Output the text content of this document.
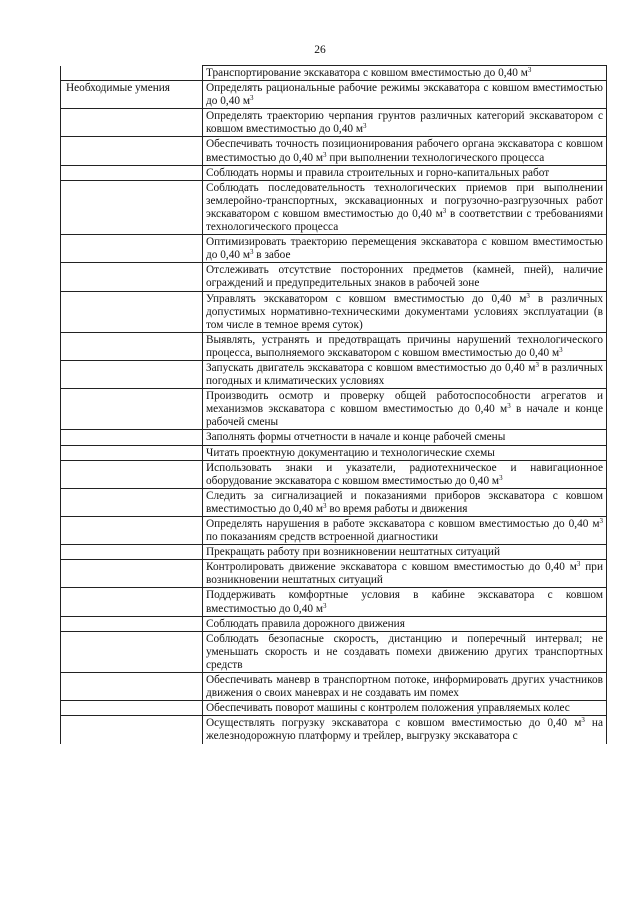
26
	Транспортирование экскаватора с ковшом вместимостью до 0,40 $м^3$
Необходимые умения	Определять рациональные рабочие режимы экскаватора с ковшом вместимостью до 0,40 $м^3$
	Определять траекторию черпания грунтов различных категорий экскаватором с ковшом вместимостью до 0,40 $м^3$
	Обеспечивать точность позиционирования рабочего органа экскаватора с ковшом вместимостью до 0,40 $м^3$ при выполнении технологического процесса
	Соблюдать нормы и правила строительных и горно-капитальных работ
	Соблюдать последовательность технологических приемов при выполнении землеройно-транспортных, экскавационных и погрузочно-разгрузочных работ экскаватором с ковшом вместимостью до 0,40 $м^3$ в соответствии с требованиями технологического процесса
	Оптимизировать траекторию перемещения экскаватора с ковшом вместимостью до 0,40 $м^3$ в забое
	Отслеживать отсутствие посторонних предметов (камней, пней), наличие ограждений и предупредительных знаков в рабочей зоне
	Управлять экскаватором с ковшом вместимостью до 0,40 $м^3$ в различных допустимых нормативно-техническими документами условиях эксплуатации (в том числе в темное время суток)
	Выявлять, устранять и предотвращать причины нарушений технологического процесса, выполняемого экскаватором с ковшом вместимостью до 0,40 $м^3$
	Запускать двигатель экскаватора с ковшом вместимостью до 0,40 $м^3$ в различных погодных и климатических условиях
	Производить осмотр и проверку общей работоспособности агрегатов и механизмов экскаватора с ковшом вместимостью до 0,40 $м^3$ в начале и конце рабочей смены
	Заполнять формы отчетности в начале и конце рабочей смены
	Читать проектную документацию и технологические схемы
	Использовать знаки и указатели, радиотехническое и навигационное оборудование экскаватора с ковшом вместимостью до 0,40 $м^3$
	Следить за сигнализацией и показаниями приборов экскаватора с ковшом вместимостью до 0,40 $м^3$ во время работы и движения
	Определять нарушения в работе экскаватора с ковшом вместимостью до 0,40 $м^3$ по показаниям средств встроенной диагностики
	Прекращать работу при возникновении нештатных ситуаций
	Контролировать движение экскаватора с ковшом вместимостью до 0,40 $м^3$ при возникновении нештатных ситуаций
	Поддерживать комфортные условия в кабине экскаватора с ковшом вместимостью до 0,40 $м^3$
	Соблюдать правила дорожного движения
	Соблюдать безопасные скорость, дистанцию и поперечный интервал; не уменьшать скорость и не создавать помехи движению других транспортных средств
	Обеспечивать маневр в транспортном потоке, информировать других участников движения о своих маневрах и не создавать им помех
	Обеспечивать поворот машины с контролем положения управляемых колес
	Осуществлять погрузку экскаватора с ковшом вместимостью до 0,40 $м^3$ на железнодорожную платформу и трейлер, выгрузку экскаватора с
